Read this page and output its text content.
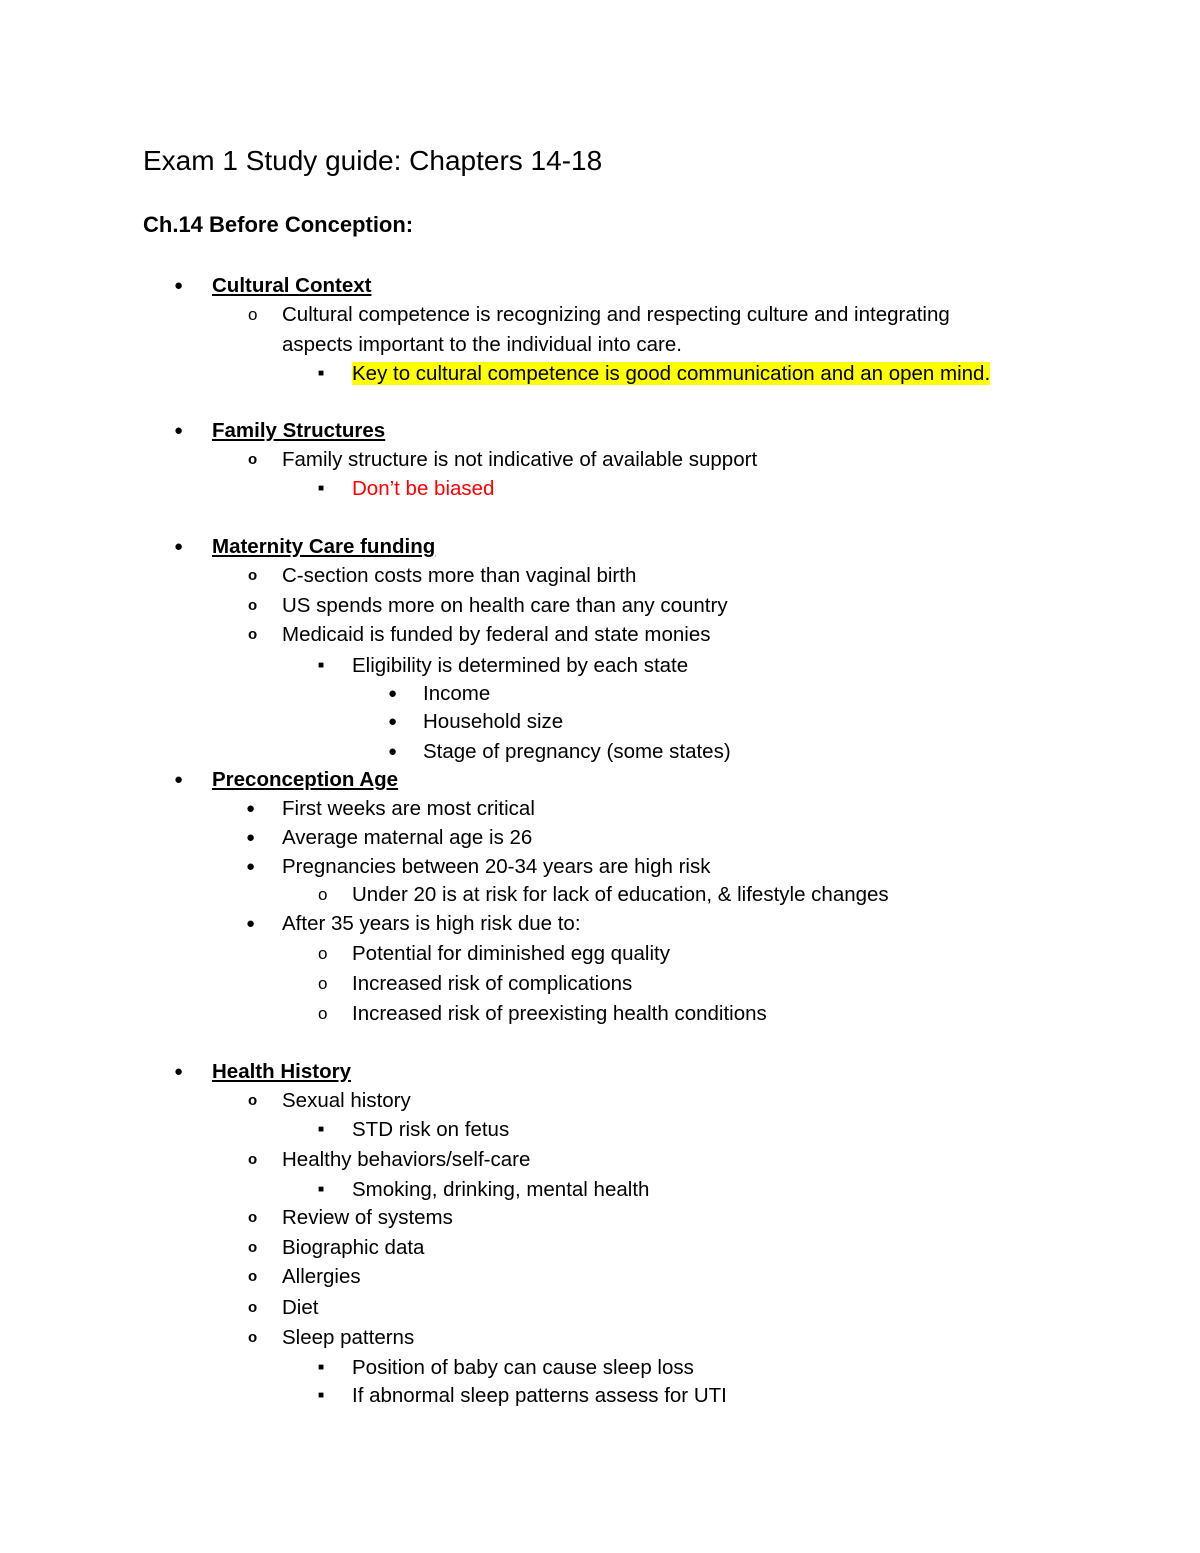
Exam 1 Study guide: Chapters 14-18
Ch.14 Before Conception:
● Cultural Context
o Cultural competence is recognizing and respecting culture and integrating
aspects important to the individual into care.
■ Key to cultural competence is good communication and an open mind.
● Family Structures
o Family structure is not indicative of available support
■ Don’t be biased
● Maternity Care funding
o C-section costs more than vaginal birth
o US spends more on health care than any country
o Medicaid is funded by federal and state monies
■ Eligibility is determined by each state
● Income
● Household size
● Stage of pregnancy (some states)
● Preconception Age
● First weeks are most critical
● Average maternal age is 26
● Pregnancies between 20-34 years are high risk
o Under 20 is at risk for lack of education, & lifestyle changes
● After 35 years is high risk due to:
o Potential for diminished egg quality
o Increased risk of complications
o Increased risk of preexisting health conditions
● Health History
o Sexual history
■ STD risk on fetus
o Healthy behaviors/self-care
■ Smoking, drinking, mental health
o Review of systems
o Biographic data
o Allergies
o Diet
o Sleep patterns
■ Position of baby can cause sleep loss
■ If abnormal sleep patterns assess for UTI
